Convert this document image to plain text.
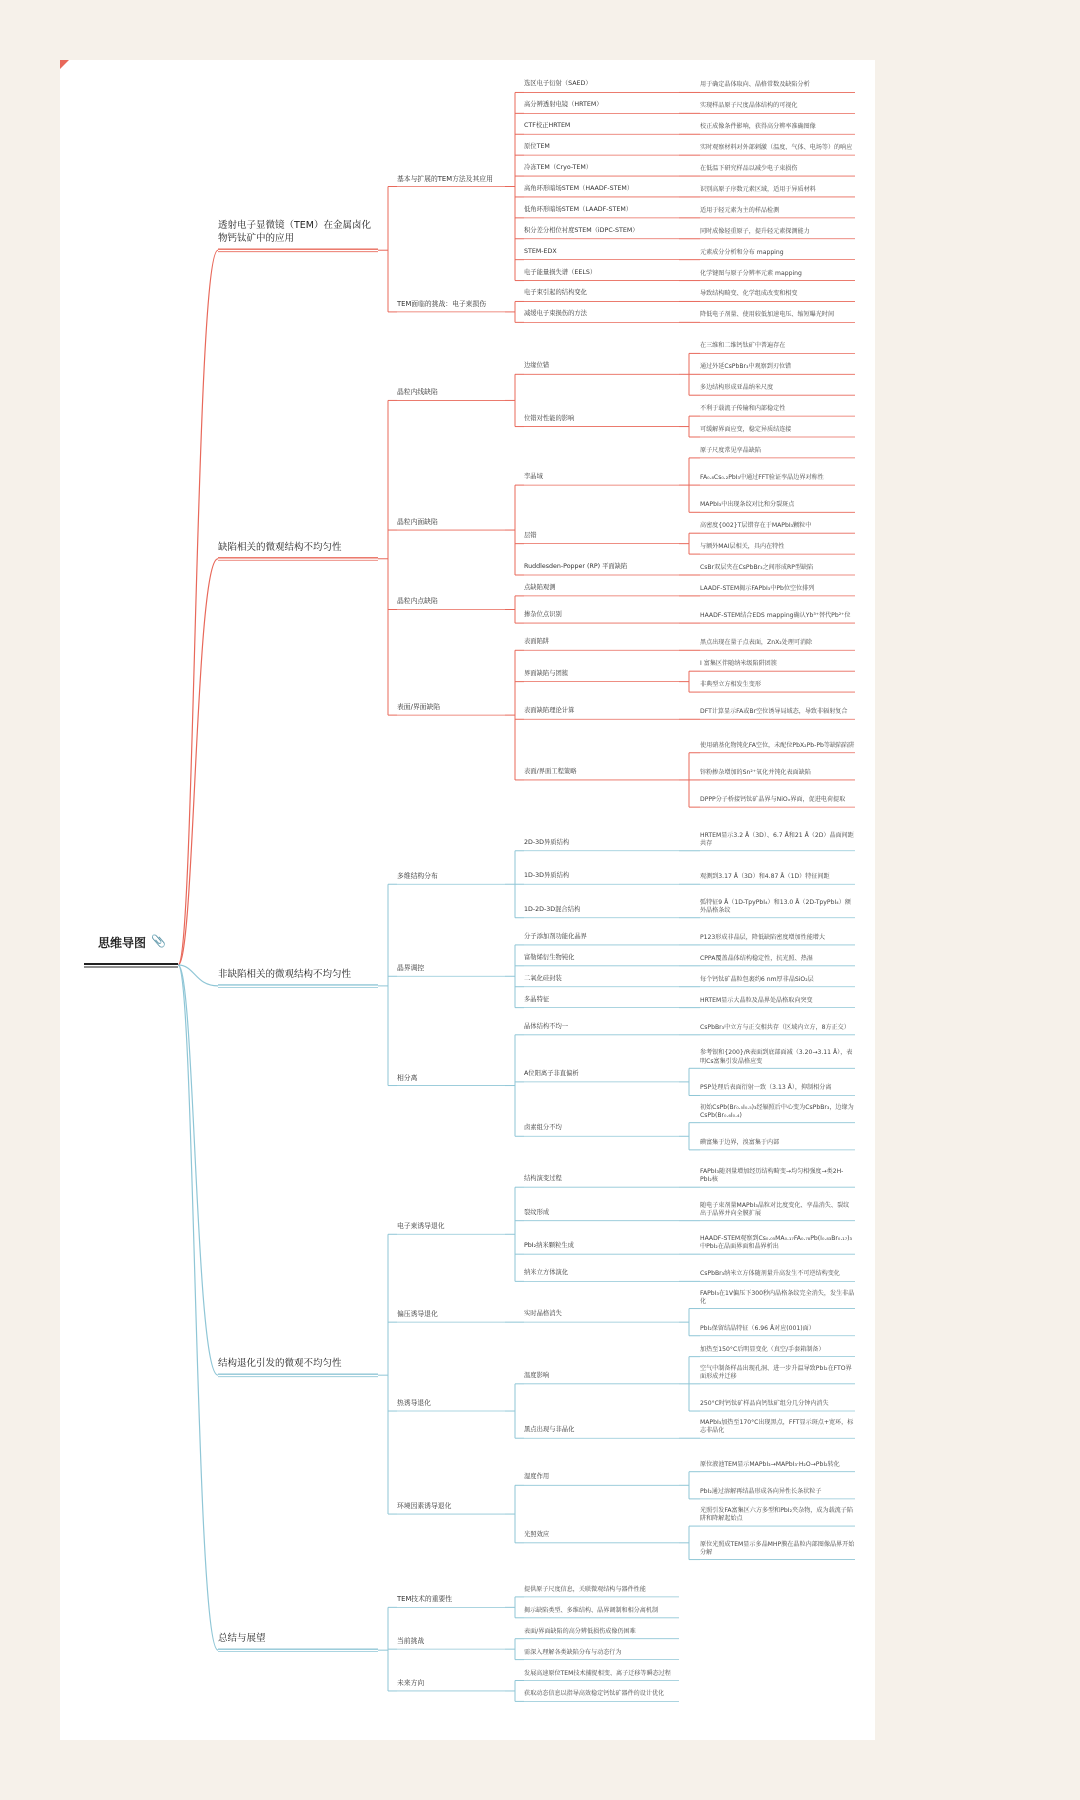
透射电子显微镜（TEM）在金属卤化物钙钛矿中的应用
基本与扩展的TEM方法及其应用
TEM面临的挑战：电子束损伤
选区电子衍射（SAED）
高分辨透射电镜（HRTEM）
CTF校正HRTEM
原位TEM
冷冻TEM（Cryo-TEM）
高角环形暗场STEM（HAADF-STEM）
低角环形暗场STEM（LAADF-STEM）
积分差分相位衬度STEM（iDPC-STEM）
STEM-EDX
电子能量损失谱（EELS）
用于确定晶体取向、晶格常数及缺陷分析
实现样品原子尺度晶体结构的可视化
校正成像条件影响，获得高分辨率准确图像
实时观察材料对外部刺激（温度、气体、电场等）的响应
在低温下研究样品以减少电子束损伤
识别高原子序数元素区域，适用于异质材料
适用于轻元素为主的样品检测
同时成像轻重原子，提升轻元素探测能力
元素成分分析和分布 mapping
化学键图与原子分辨率元素 mapping
电子束引起的结构变化
减缓电子束损伤的方法
导致结构畸变、化学组成改变和相变
降低电子剂量、使用较低加速电压、缩短曝光时间
缺陷相关的微观结构不均匀性
晶粒内线缺陷
晶粒内面缺陷
晶粒内点缺陷
表面/界面缺陷
边缘位错
位错对性能的影响
在三维和二维钙钛矿中普遍存在
通过外延CsPbBr₃中观察到刃位错
多边结构形成亚晶纳米尺度
不利于载流子传输和内部稳定性
可缓解界面应变，稳定异质结连接
孪晶域
层错
Ruddlesden-Popper (RP) 平面缺陷
原子尺度常见孪晶缺陷
FA₀.₈Cs₀.₂PbI₃中通过FFT验证孪晶边界对称性
MAPbI₃中出现条纹对比和分裂斑点
高密度{002}T层错存在于MAPbI₃颗粒中
与额外MAI层相关，具内在特性
CsBr双层夹在CsPbBr₃之间形成RP型缺陷
点缺陷观测
掺杂位点识别
LAADF-STEM揭示FAPbI₃中Pb位空位排列
HAADF-STEM结合EDS mapping确认Yb³⁺替代Pb²⁺位
表面陷阱
界面缺陷与团簇
表面缺陷理论计算
表面/界面工程策略
黑点出现在量子点表面，ZnX₂处理可消除
I 富集区伴随纳米级陷阱团簇
非典型立方相发生变形
DFT计算显示FA或Br空位诱导局域态，导致非辐射复合
使用硝基化物钝化FA空位，未配位PbX₂Pb-Pb等缺陷陷阱
锌粉掺杂增加的Sn²⁺氧化并钝化表面缺陷
DPPP分子桥接钙钛矿晶界与NiOₓ界面，促进电荷提取
非缺陷相关的微观结构不均匀性
多维结构分布
晶界调控
相分离
2D-3D异质结构
1D-3D异质结构
1D-2D-3D混合结构
HRTEM显示3.2 Å（3D）、6.7 Å和21 Å（2D）晶面间距共存
观测到3.17 Å（3D）和4.87 Å（1D）特征间距
弧特征9 Å（1D-TpyPbI₄）和13.0 Å（2D-TpyPbI₄）额外晶格条纹
分子添加剂功能化晶界
富勒烯衍生物钝化
二氧化硅封装
多晶特征
P123形成非晶层，降低缺陷密度增加性能增大
CPPA覆盖晶体结构稳定性，抗光照、热湿
每个钙钛矿晶粒包裹约6 nm厚非晶SiO₂层
HRTEM显示大晶粒及晶界处晶格取向突变
晶体结构不均一
A位阳离子非直偏析
卤素组分不均
CsPbBr₃中立方与正交相共存（区域内立方，8方正交）
参考银和{200}/R表面到底部面减（3.20→3.11 Å），表明Cs富集引发晶格应变
PSP处理后表面衍射一致（3.13 Å），抑制相分离
初始CsPb(Br₀.₅I₀.₅)₃经辐照后中心变为CsPbBr₃，边缘为CsPb(Br₀.₆I₀.₄)
碘富集于边界，溴富集于内部
结构退化引发的微观不均匀性
电子束诱导退化
偏压诱导退化
热诱导退化
环境因素诱导退化
结构演变过程
裂纹形成
PbI₂纳米颗粒生成
纳米立方体演化
FAPbI₃随剂量增加经历结构畸变→均匀相强度→类2H-PbI₂核
随电子束剂量MAPbI₃晶粒对比度变化、孪晶消失、裂纹出于晶界并向全膜扩展
HAADF-STEM观察到Cs₀.₀₅MA₀.₁₇FA₀.₇₈Pb(I₀.₈₃Br₀.₁₇)₃中PbI₂在晶面界面和晶界析出
CsPbBr₃纳米立方体随剂量升高发生不可逆结构变化
实时晶格消失
FAPbI₃在1V偏压下300秒内晶格条纹完全消失，发生非晶化
PbI₂保留结晶特征（6.96 Å对应(001)面）
温度影响
黑点出现与非晶化
加热至150°C后明显变化（真空/手套箱制备）
空气中制备样品出现孔洞、进一步升温导致PbI₂在FTO界面形成并迁移
250°C时钙钛矿样品向钙钛矿组分几分钟内消失
MAPbI₃加热至170°C出现黑点，FFT显示斑点+宽环，标志非晶化
湿度作用
光照效应
原位液池TEM显示MAPbI₃→MAPbI₃·H₂O→PbI₂转化
PbI₂通过溶解再结晶形成各向异性长条状粒子
光照引发FA富集区六方多型和PbI₂夹杂物，成为载流子陷阱和降解起始点
原位光照成TEM显示多晶MHP膜在晶粒内部图像晶界开始分解
总结与展望
TEM技术的重要性
当前挑战
未来方向
提供原子尺度信息，关联微观结构与器件性能
揭示缺陷类型、多维结构、晶界调制和相分离机制
表面/界面缺陷的高分辨低损伤成像仍困难
需深入理解各类缺陷分布与动态行为
发展高速原位TEM技术捕捉相变、离子迁移等瞬态过程
获取动态信息以指导高效稳定钙钛矿器件的设计优化
思维导图 📎
